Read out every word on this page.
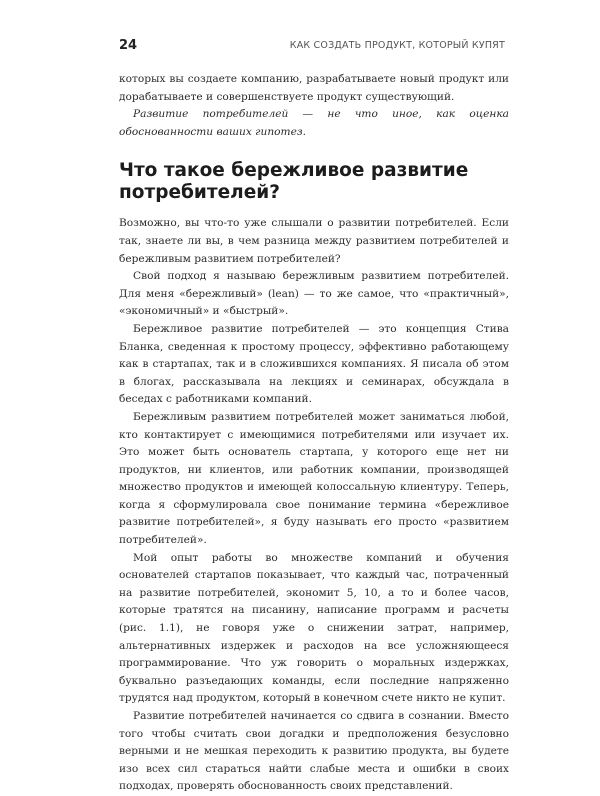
24	КАК СОЗДАТЬ ПРОДУКТ, КОТОРЫЙ КУПЯТ

которых вы создаете компанию, разрабатываете новый продукт или дорабатываете и совершенствуете продукт существующий.

Развитие потребителей — не что иное, как оценка обоснованности ваших гипотез.

Что такое бережливое развитие потребителей?

Возможно, вы что-то уже слышали о развитии потребителей. Если так, знаете ли вы, в чем разница между развитием потребителей и бережливым развитием потребителей?

Свой подход я называю бережливым развитием потребителей. Для меня «бережливый» (lean) — то же самое, что «практичный», «экономичный» и «быстрый».

Бережливое развитие потребителей — это концепция Стива Бланка, сведенная к простому процессу, эффективно работающему как в стартапах, так и в сложившихся компаниях. Я писала об этом в блогах, рассказывала на лекциях и семинарах, обсуждала в беседах с работниками компаний.

Бережливым развитием потребителей может заниматься любой, кто контактирует с имеющимися потребителями или изучает их. Это может быть основатель стартапа, у которого еще нет ни продуктов, ни клиентов, или работник компании, производящей множество продуктов и имеющей колоссальную клиентуру. Теперь, когда я сформулировала свое понимание термина «бережливое развитие потребителей», я буду называть его просто «развитием потребителей».

Мой опыт работы во множестве компаний и обучения основателей стартапов показывает, что каждый час, потраченный на развитие потребителей, экономит 5, 10, а то и более часов, которые тратятся на писанину, написание программ и расчеты (рис. 1.1), не говоря уже о снижении затрат, например, альтернативных издержек и расходов на все усложняющееся программирование. Что уж говорить о моральных издержках, буквально разъедающих команды, если последние напряженно трудятся над продуктом, который в конечном счете никто не купит.

Развитие потребителей начинается со сдвига в сознании. Вместо того чтобы считать свои догадки и предположения безусловно верными и не мешкая переходить к развитию продукта, вы будете изо всех сил стараться найти слабые места и ошибки в своих подходах, проверять обоснованность своих представлений.
